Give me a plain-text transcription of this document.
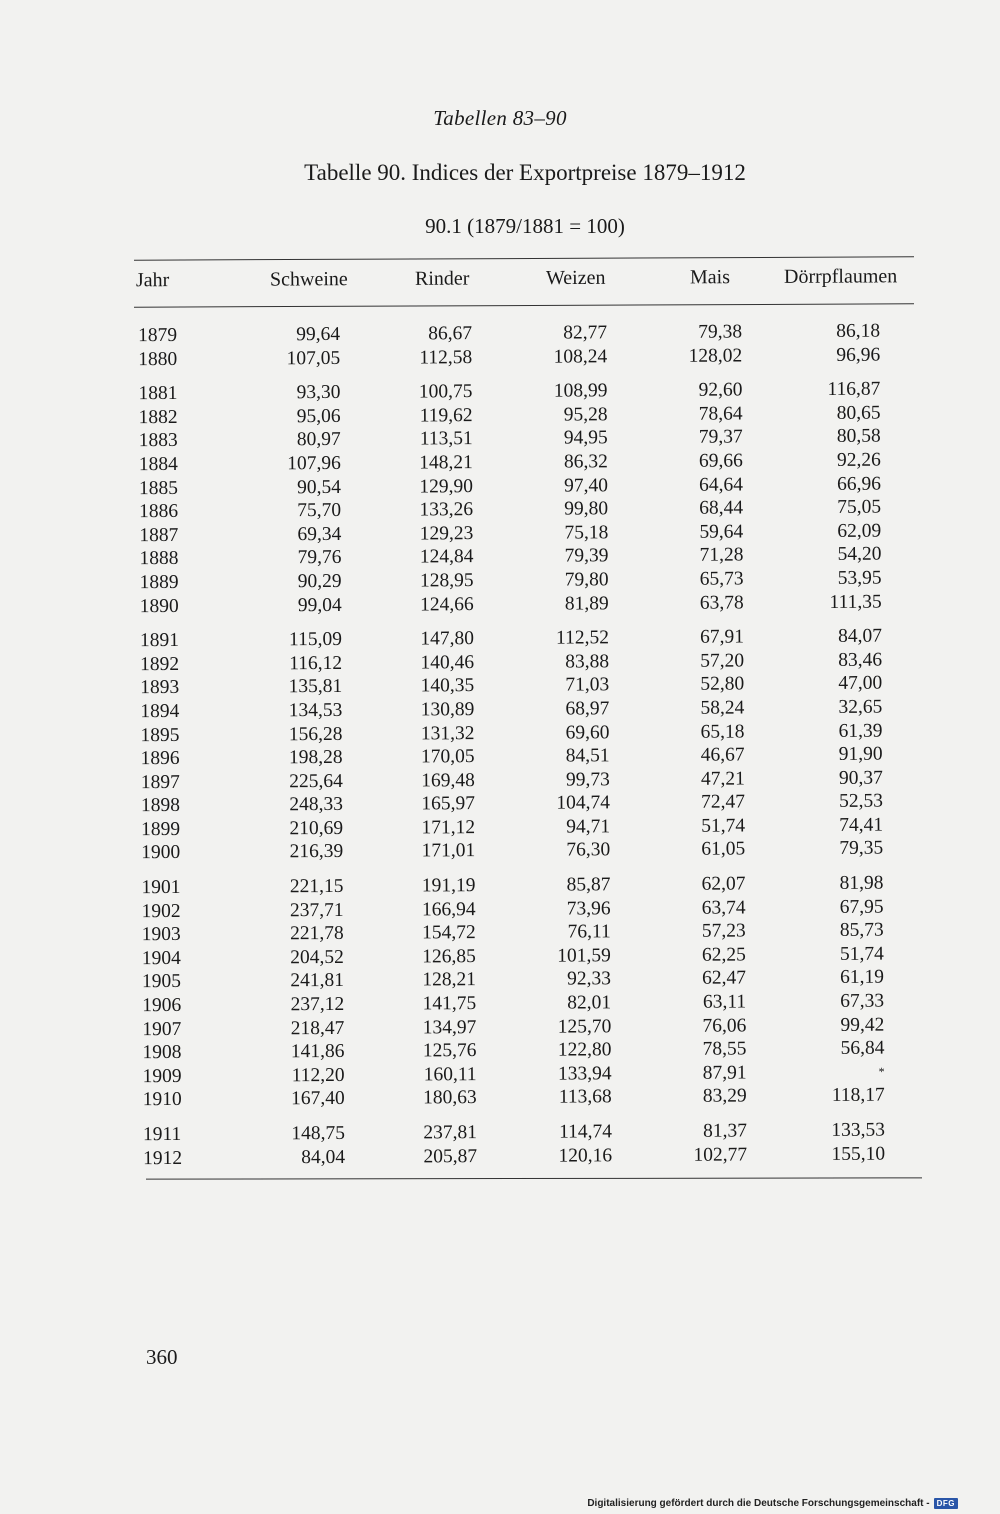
Tabellen 83–90
Tabelle 90. Indices der Exportpreise 1879–1912
90.1 (1879/1881 = 100)
Jahr	Schweine	Rinder	Weizen	Mais	Dörrpflaumen
1879	99,64	86,67	82,77	79,38	86,18
1880	107,05	112,58	108,24	128,02	96,96
1881	93,30	100,75	108,99	92,60	116,87
1882	95,06	119,62	95,28	78,64	80,65
1883	80,97	113,51	94,95	79,37	80,58
1884	107,96	148,21	86,32	69,66	92,26
1885	90,54	129,90	97,40	64,64	66,96
1886	75,70	133,26	99,80	68,44	75,05
1887	69,34	129,23	75,18	59,64	62,09
1888	79,76	124,84	79,39	71,28	54,20
1889	90,29	128,95	79,80	65,73	53,95
1890	99,04	124,66	81,89	63,78	111,35
1891	115,09	147,80	112,52	67,91	84,07
1892	116,12	140,46	83,88	57,20	83,46
1893	135,81	140,35	71,03	52,80	47,00
1894	134,53	130,89	68,97	58,24	32,65
1895	156,28	131,32	69,60	65,18	61,39
1896	198,28	170,05	84,51	46,67	91,90
1897	225,64	169,48	99,73	47,21	90,37
1898	248,33	165,97	104,74	72,47	52,53
1899	210,69	171,12	94,71	51,74	74,41
1900	216,39	171,01	76,30	61,05	79,35
1901	221,15	191,19	85,87	62,07	81,98
1902	237,71	166,94	73,96	63,74	67,95
1903	221,78	154,72	76,11	57,23	85,73
1904	204,52	126,85	101,59	62,25	51,74
1905	241,81	128,21	92,33	62,47	61,19
1906	237,12	141,75	82,01	63,11	67,33
1907	218,47	134,97	125,70	76,06	99,42
1908	141,86	125,76	122,80	78,55	56,84
1909	112,20	160,11	133,94	87,91	*
1910	167,40	180,63	113,68	83,29	118,17
1911	148,75	237,81	114,74	81,37	133,53
1912	84,04	205,87	120,16	102,77	155,10
360
Digitalisierung gefördert durch die Deutsche Forschungsgemeinschaft - DFG
